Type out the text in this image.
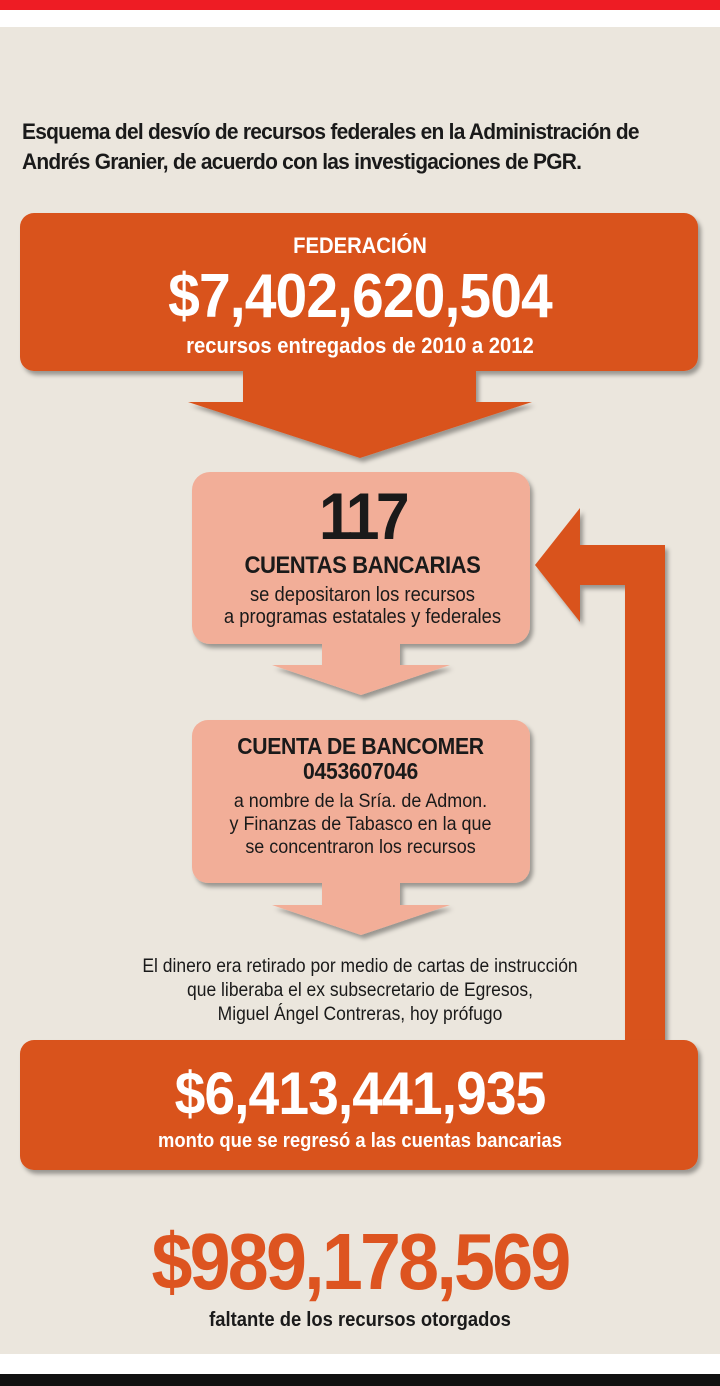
Esquema del desvío de recursos federales en la Administración de Andrés Granier, de acuerdo con las investigaciones de PGR.
FEDERACIÓN
$7,402,620,504
recursos entregados de 2010 a 2012
117
CUENTAS BANCARIAS
se depositaron los recursos
a programas estatales y federales
CUENTA DE BANCOMER
0453607046
a nombre de la Sría. de Admon.
y Finanzas de Tabasco en la que
se concentraron los recursos
El dinero era retirado por medio de cartas de instrucción
que liberaba el ex subsecretario de Egresos,
Miguel Ángel Contreras, hoy prófugo
$6,413,441,935
monto que se regresó a las cuentas bancarias
$989,178,569
faltante de los recursos otorgados
